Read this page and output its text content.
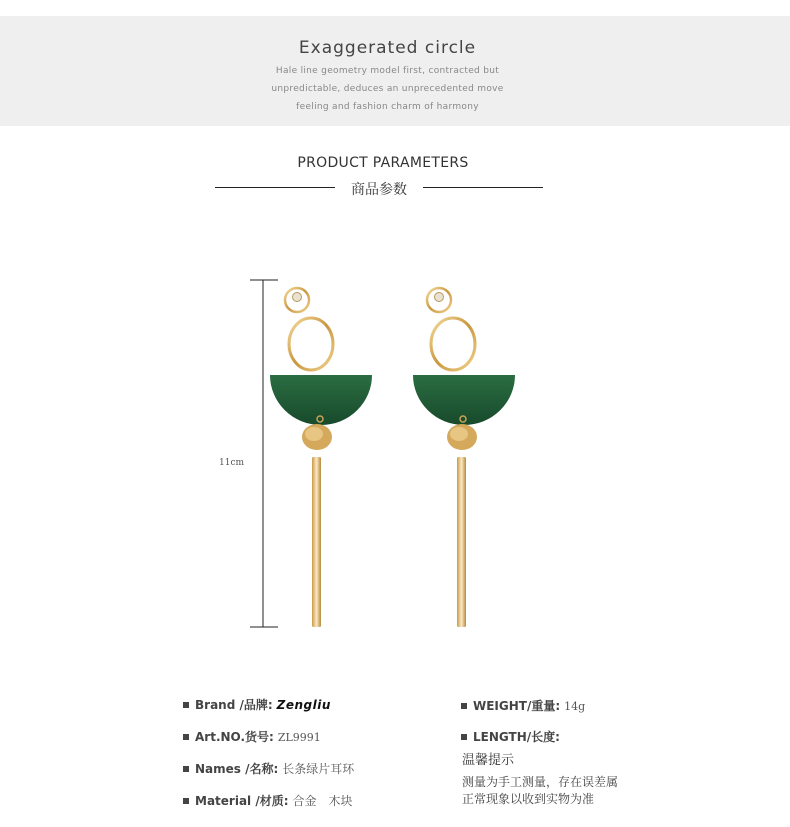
Exaggerated circle
Hale line geometry model first, contracted but
unpredictable, deduces an unprecedented move
feeling and fashion charm of harmony
PRODUCT PARAMETERS
商品参数
11cm
Brand /品牌: Zengliu
Art.NO.货号: ZL9991
Names /名称: 长条绿片耳环
Material /材质: 合金　木块
WEIGHT/重量: 14g
LENGTH/长度:
温馨提示
测量为手工测量，存在误差属
正常现象以收到实物为准
